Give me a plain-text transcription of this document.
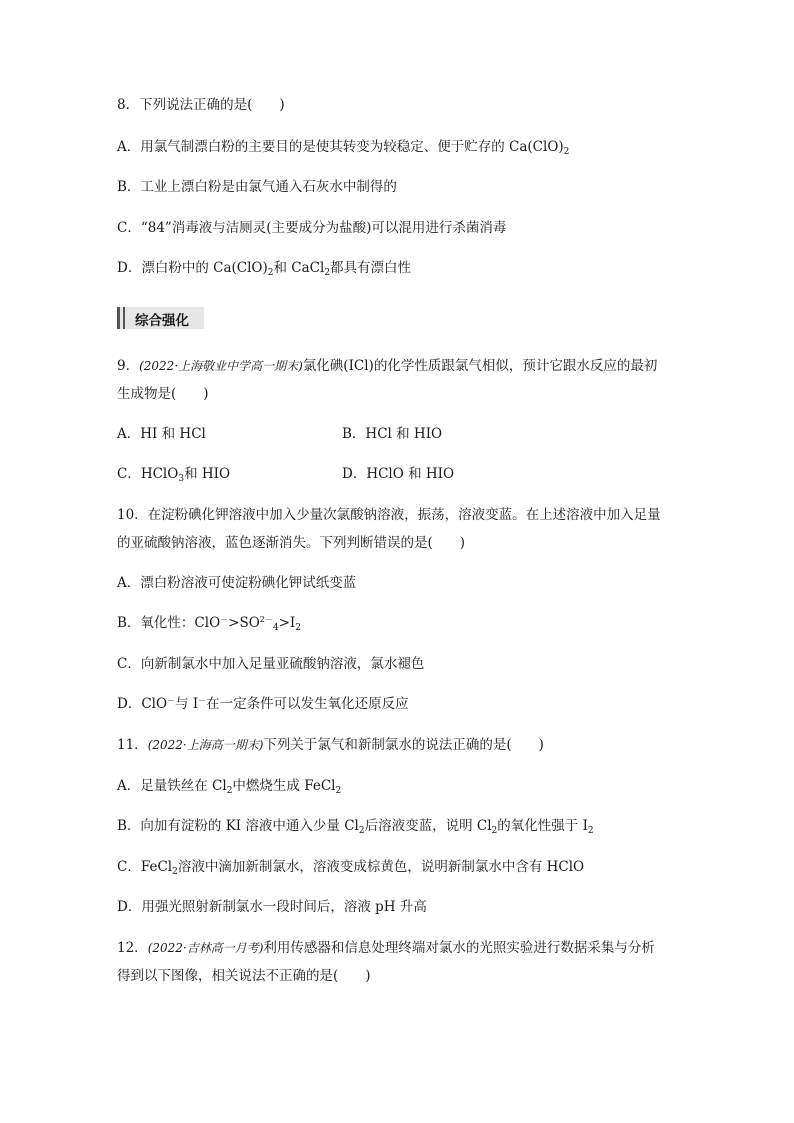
8．下列说法正确的是(　　)
A．用氯气制漂白粉的主要目的是使其转变为较稳定、便于贮存的 $Ca(ClO)_2$
B．工业上漂白粉是由氯气通入石灰水中制得的
C．“84”消毒液与洁厕灵(主要成分为盐酸)可以混用进行杀菌消毒
D．漂白粉中的 $Ca(ClO)_2$和 CaCl$_2$都具有漂白性
综合强化
9．(2022·上海敬业中学高一期末)氯化碘(ICl)的化学性质跟氯气相似，预计它跟水反应的最初
生成物是(　　)
A．HI 和 HCl	B．HCl 和 HIO
C．HClO$_3$和 HIO	D．HClO 和 HIO
10．在淀粉碘化钾溶液中加入少量次氯酸钠溶液，振荡，溶液变蓝。在上述溶液中加入足量
的亚硫酸钠溶液，蓝色逐渐消失。下列判断错误的是(　　)
A．漂白粉溶液可使淀粉碘化钾试纸变蓝
B．氧化性：$ClO^->SO^{2-}_4>I_2$
C．向新制氯水中加入足量亚硫酸钠溶液，氯水褪色
D．ClO－与 I－在一定条件可以发生氧化还原反应
11．(2022·上海高一期末)下列关于氯气和新制氯水的说法正确的是(　　)
A．足量铁丝在 $Cl_2$中燃烧生成 FeCl$_2$
B．向加有淀粉的 KI 溶液中通入少量 $Cl_2$后溶液变蓝，说明 $Cl_2$的氧化性强于 $I_2$
C．FeCl$_2$溶液中滴加新制氯水，溶液变成棕黄色，说明新制氯水中含有 HClO
D．用强光照射新制氯水一段时间后，溶液 pH 升高
12．(2022·吉林高一月考)利用传感器和信息处理终端对氯水的光照实验进行数据采集与分析
得到以下图像，相关说法不正确的是(　　)
